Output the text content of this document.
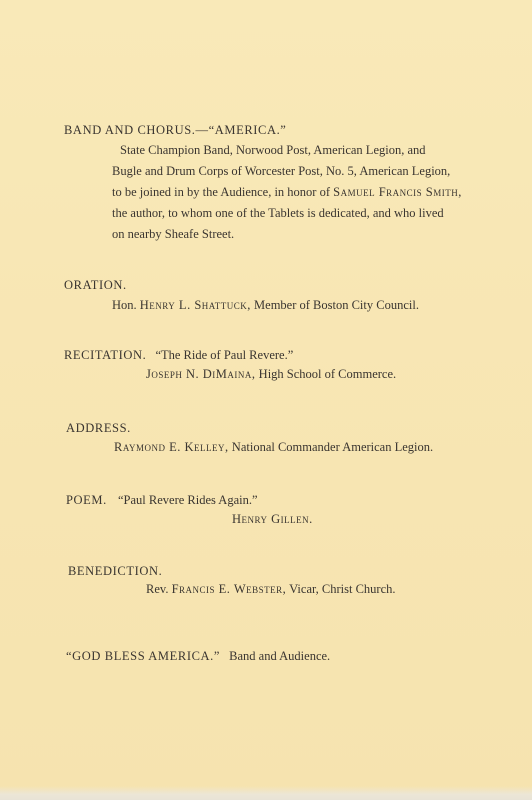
BAND AND CHORUS.—“AMERICA.”
State Champion Band, Norwood Post, American Legion, and
Bugle and Drum Corps of Worcester Post, No. 5, American Legion,
to be joined in by the Audience, in honor of Samuel Francis Smith,
the author, to whom one of the Tablets is dedicated, and who lived
on nearby Sheafe Street.
ORATION.
Hon. Henry L. Shattuck, Member of Boston City Council.
RECITATION. “The Ride of Paul Revere.”
Joseph N. DiMaina, High School of Commerce.
ADDRESS.
Raymond E. Kelley, National Commander American Legion.
POEM. “Paul Revere Rides Again.”
Henry Gillen.
BENEDICTION.
Rev. Francis E. Webster, Vicar, Christ Church.
“GOD BLESS AMERICA.” Band and Audience.
